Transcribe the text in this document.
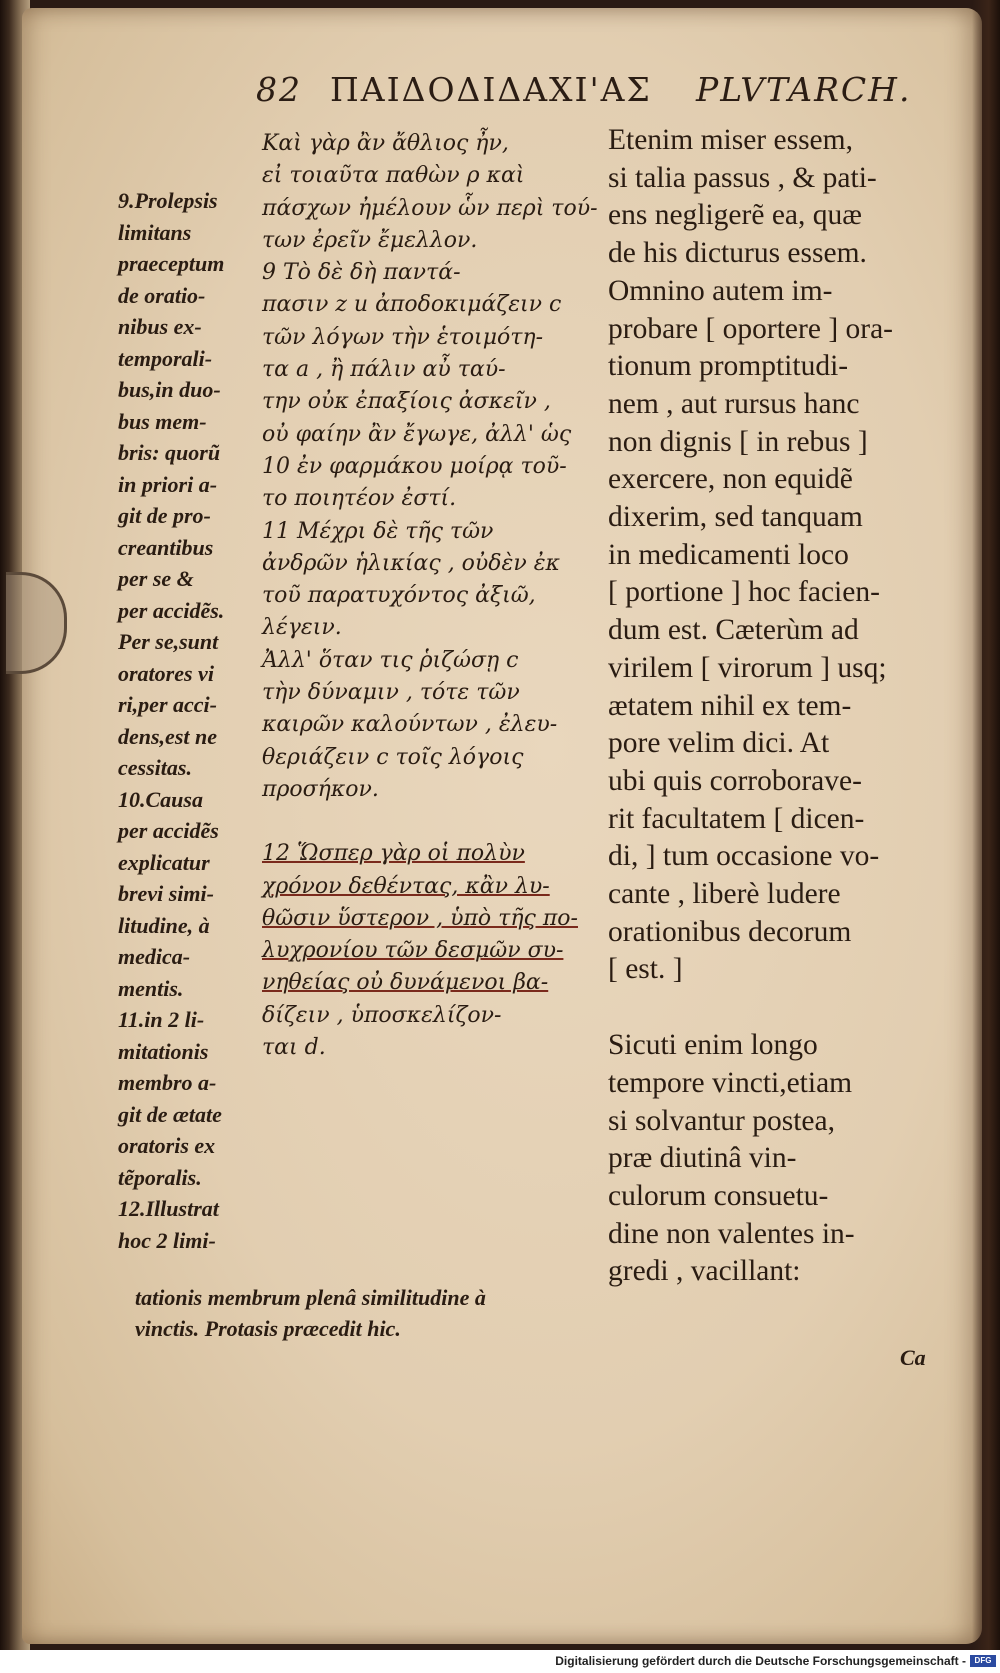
82 ΠΑΙΔΟΔΙΔΑΧΙ'ΑΣ PLVTARCH.
9.Prolepsis
limitans
praeceptum
de oratio-
nibus ex-
temporali-
bus,in duo-
bus mem-
bris: quorũ
in priori a-
git de pro-
creantibus
per se &
per accidẽs.
Per se,sunt
oratores vi
ri,per acci-
dens,est ne
cessitas.
10.Causa
per accidẽs
explicatur
brevi simi-
litudine, à
medica-
mentis.
11.in 2 li-
mitationis
membro a-
git de ætate
oratoris ex
tẽporalis.
12.Illustrat
hoc 2 limi-
Καὶ γὰρ ἂν ἄθλιος ἦν,
εἰ τοιαῦτα παθὼν ρ καὶ
πάσχων ἠμέλουν ὧν περὶ τού-
των ἐρεῖν ἔμελλον.
9 Τὸ δὲ δὴ παντά-
πασιν z u ἀποδοκιμάζειν c
τῶν λόγων τὴν ἑτοιμότη-
τα a , ἢ πάλιν αὖ ταύ-
την οὐκ ἐπαξίοις ἀσκεῖν ,
οὐ φαίην ἂν ἔγωγε, ἀλλ' ὡς
10 ἐν φαρμάκου μοίρᾳ τοῦ-
το ποιητέον ἐστί.
11 Μέχρι δὲ τῆς τῶν
ἀνδρῶν ἡλικίας , οὐδὲν ἐκ
τοῦ παρατυχόντος ἀξιῶ,
λέγειν.
Ἀλλ' ὅταν τις ῥιζώσῃ c
τὴν δύναμιν , τότε τῶν
καιρῶν καλούντων , ἐλευ-
θεριάζειν c τοῖς λόγοις
προσήκον.
12 Ὥσπερ γὰρ οἱ πολὺν
χρόνον δεθέντας, κἂν λυ-
θῶσιν ὕστερον , ὑπὸ τῆς πο-
λυχρονίου τῶν δεσμῶν συ-
νηθείας οὐ δυνάμενοι βα-
δίζειν , ὑποσκελίζον-
ται d.
Etenim miser essem,
si talia passus , & pati-
ens negligerẽ ea, quæ
de his dicturus essem.
Omnino autem im-
probare [ oportere ] ora-
tionum promptitudi-
nem , aut rursus hanc
non dignis [ in rebus ]
exercere, non equidẽ
dixerim, sed tanquam
in medicamenti loco
[ portione ] hoc facien-
dum est. Cæterùm ad
virilem [ virorum ] usq;
ætatem nihil ex tem-
pore velim dici. At
ubi quis corroborave-
rit facultatem [ dicen-
di, ] tum occasione vo-
cante , liberè ludere
orationibus decorum
[ est. ]
Sicuti enim longo
tempore vincti,etiam
si solvantur postea,
præ diutinâ vin-
culorum consuetu-
dine non valentes in-
gredi , vacillant:
tationis membrum plenâ similitudine à
vinctis. Protasis præcedit hic.
Ca
Digitalisierung gefördert durch die Deutsche Forschungsgemeinschaft -	DFG
